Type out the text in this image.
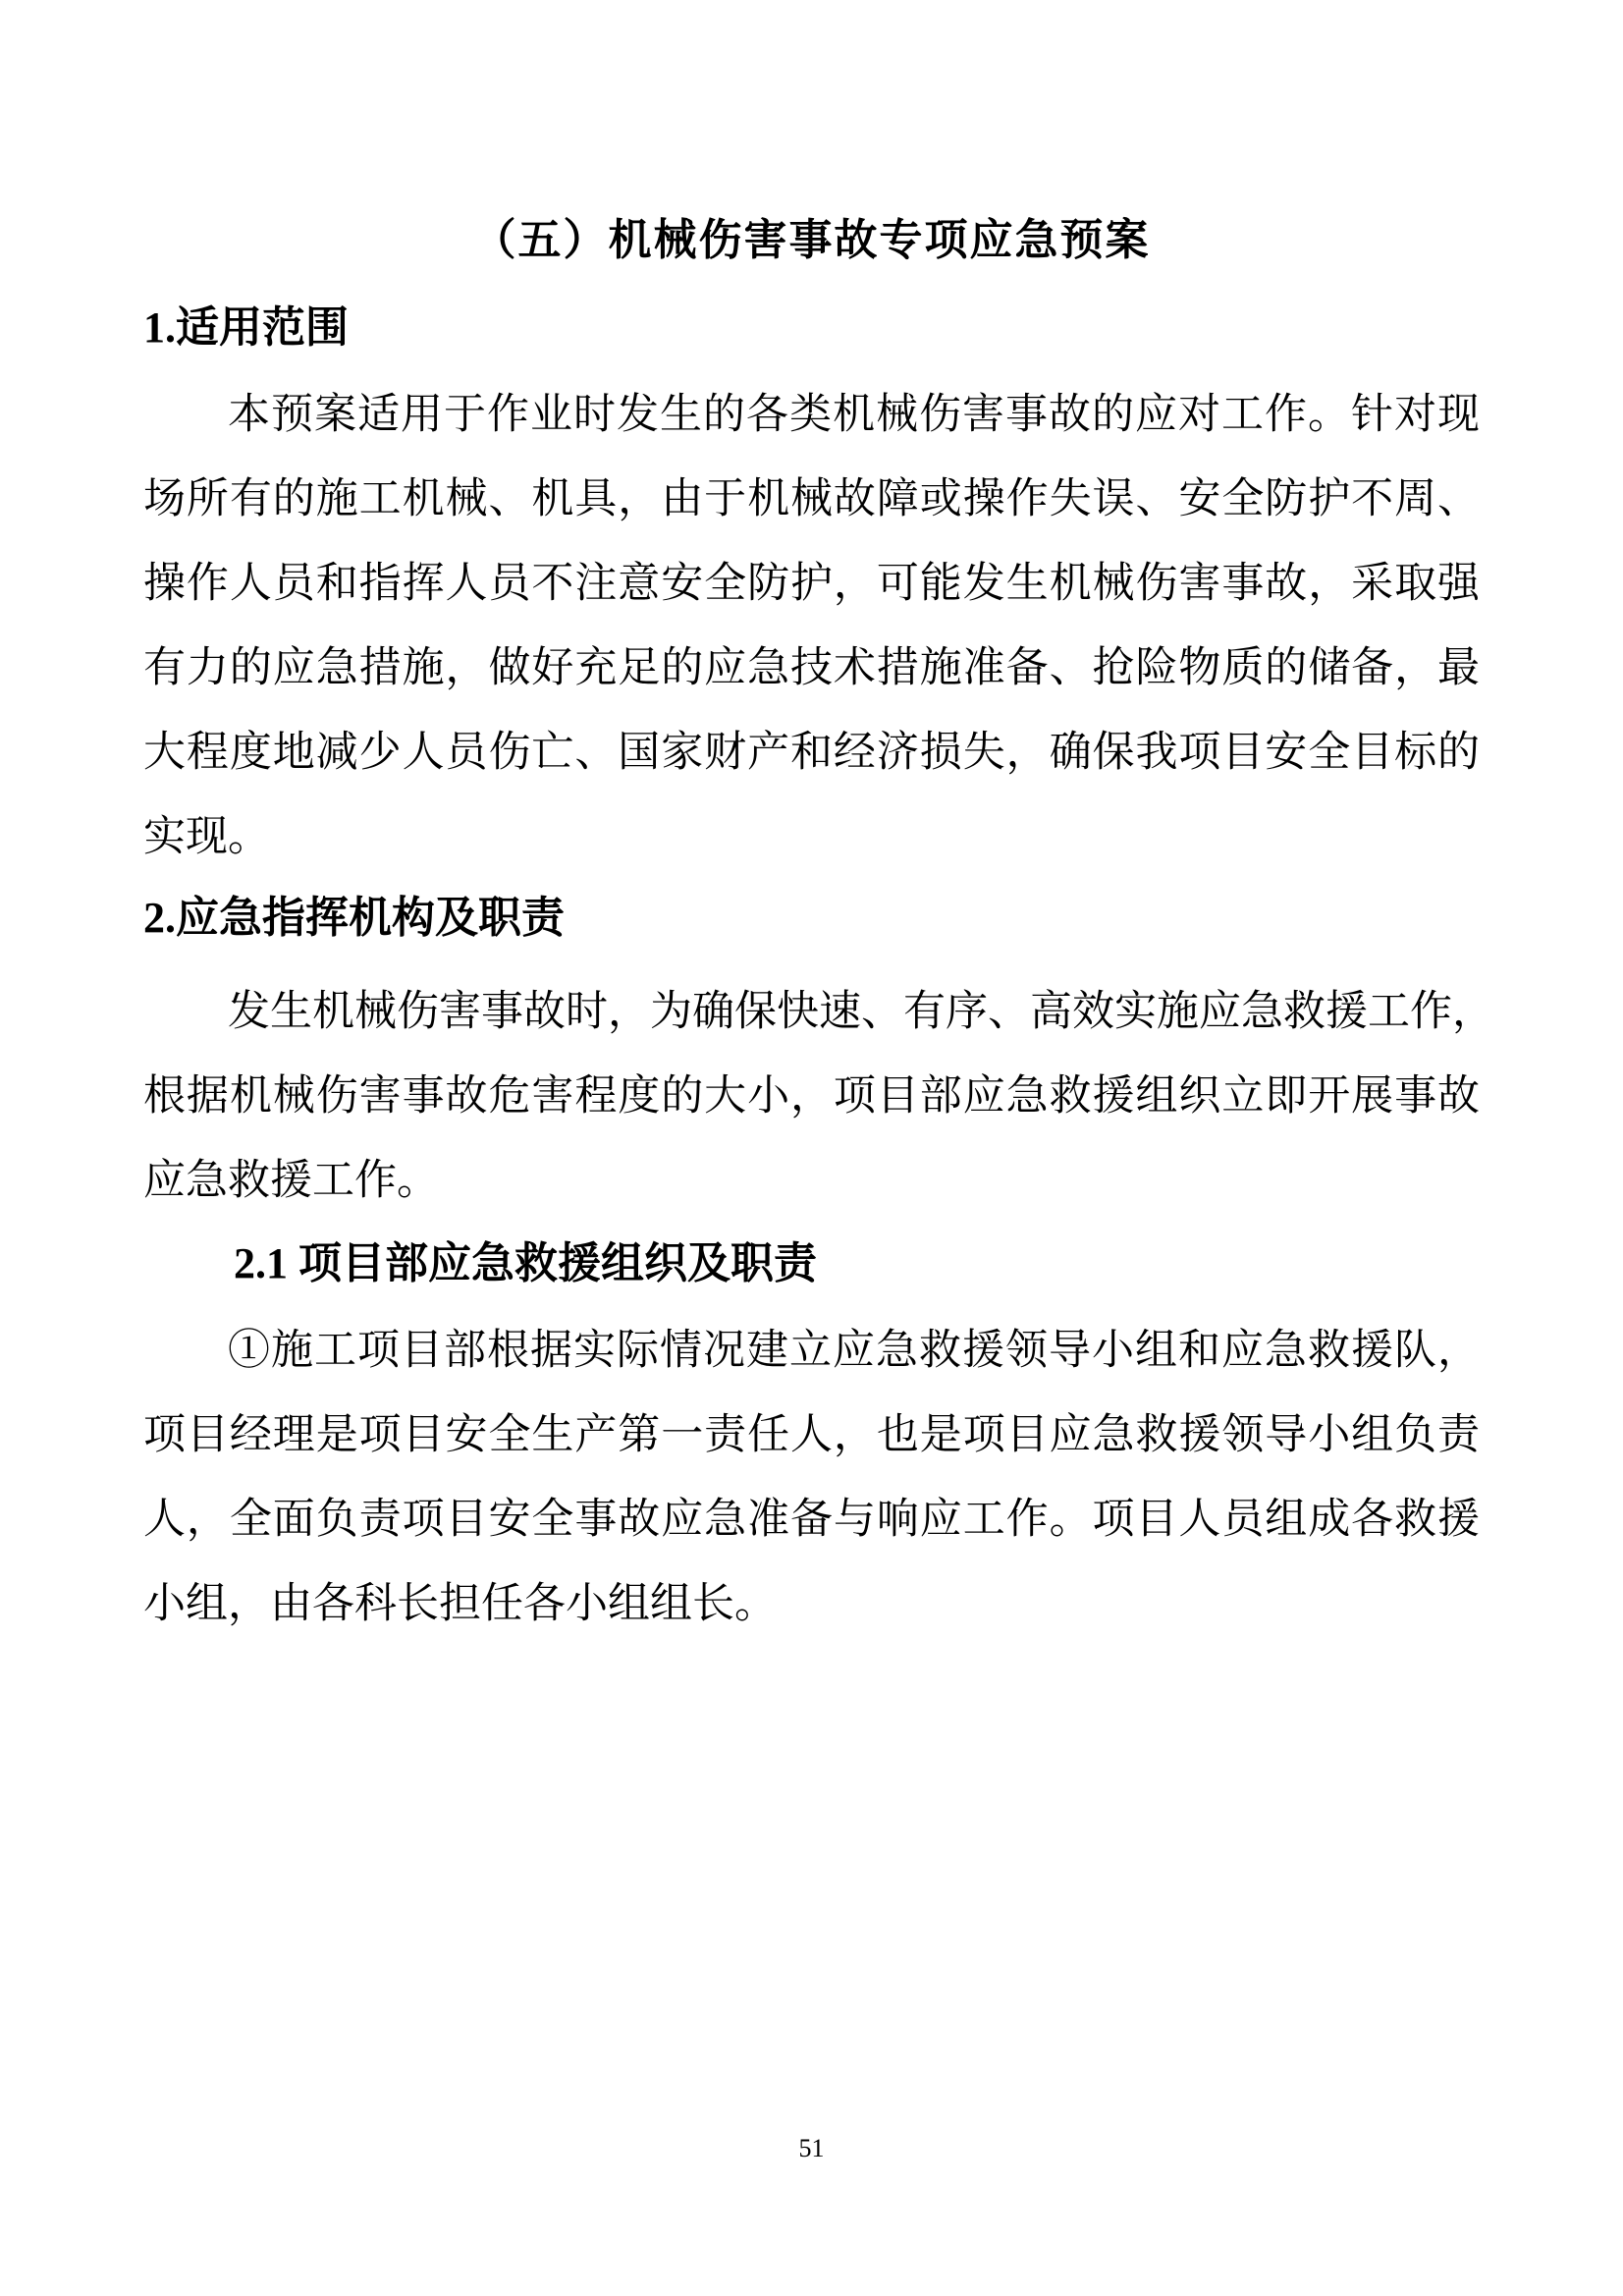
（五）机械伤害事故专项应急预案
1.适用范围
本预案适用于作业时发生的各类机械伤害事故的应对工作。针对现
场所有的施工机械、机具，由于机械故障或操作失误、安全防护不周、
操作人员和指挥人员不注意安全防护，可能发生机械伤害事故，采取强
有力的应急措施，做好充足的应急技术措施准备、抢险物质的储备，最
大程度地减少人员伤亡、国家财产和经济损失，确保我项目安全目标的
实现。
2.应急指挥机构及职责
发生机械伤害事故时，为确保快速、有序、高效实施应急救援工作，
根据机械伤害事故危害程度的大小，项目部应急救援组织立即开展事故
应急救援工作。
2.1 项目部应急救援组织及职责
①施工项目部根据实际情况建立应急救援领导小组和应急救援队，
项目经理是项目安全生产第一责任人，也是项目应急救援领导小组负责
人，全面负责项目安全事故应急准备与响应工作。项目人员组成各救援
小组，由各科长担任各小组组长。
51
